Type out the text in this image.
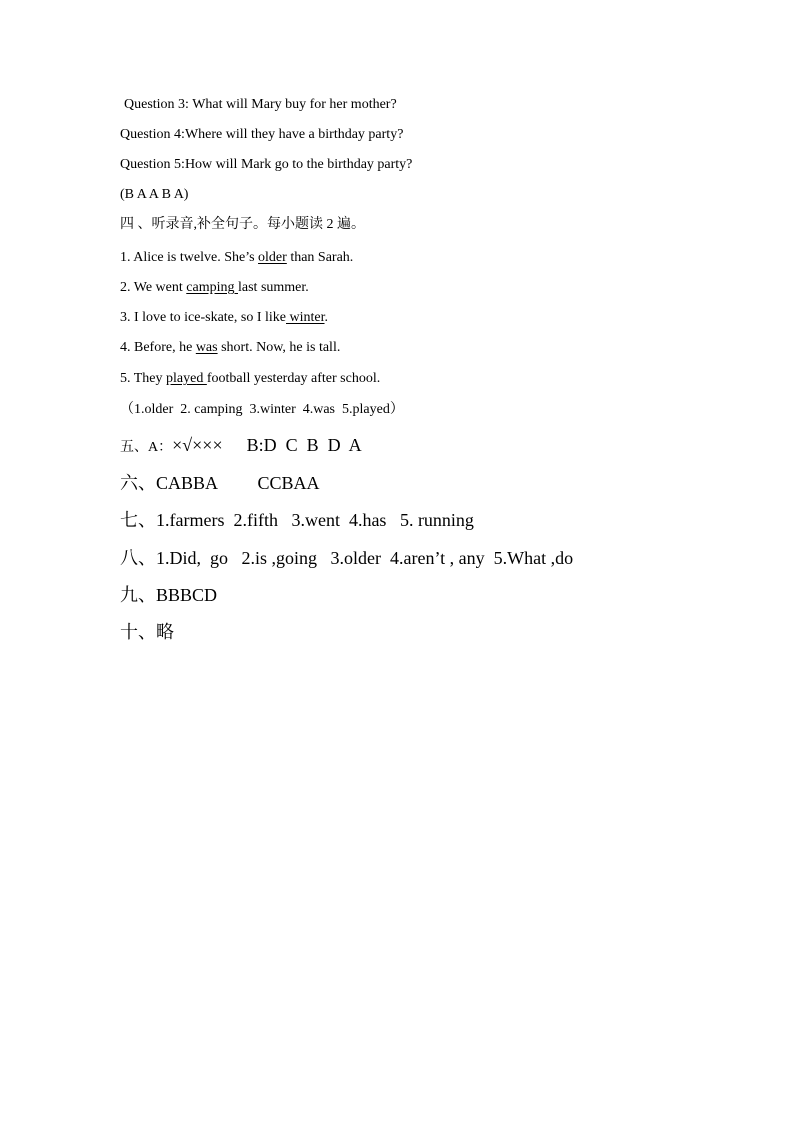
Question 3: What will Mary buy for her mother?
Question 4:Where will they have a birthday party?
Question 5:How will Mark go to the birthday party?
(B A A B A)
四 、听录音,补全句子。每小题读 2 遍。
1. Alice is twelve. She’s older than Sarah.
2. We went camping last summer.
3. I love to ice-skate, so I like winter.
4. Before, he was short. Now, he is tall.
5. They played football yesterday after school.
（1.older  2. camping  3.winter  4.was  5.played）
五、A：×√××× B:D  C  B  D  A
六、CABBA         CCBAA
七、1.farmers  2.fifth   3.went  4.has   5. running
八、1.Did,  go   2.is ,going   3.older  4.aren’t , any  5.What ,do
九、BBBCD
十、略
